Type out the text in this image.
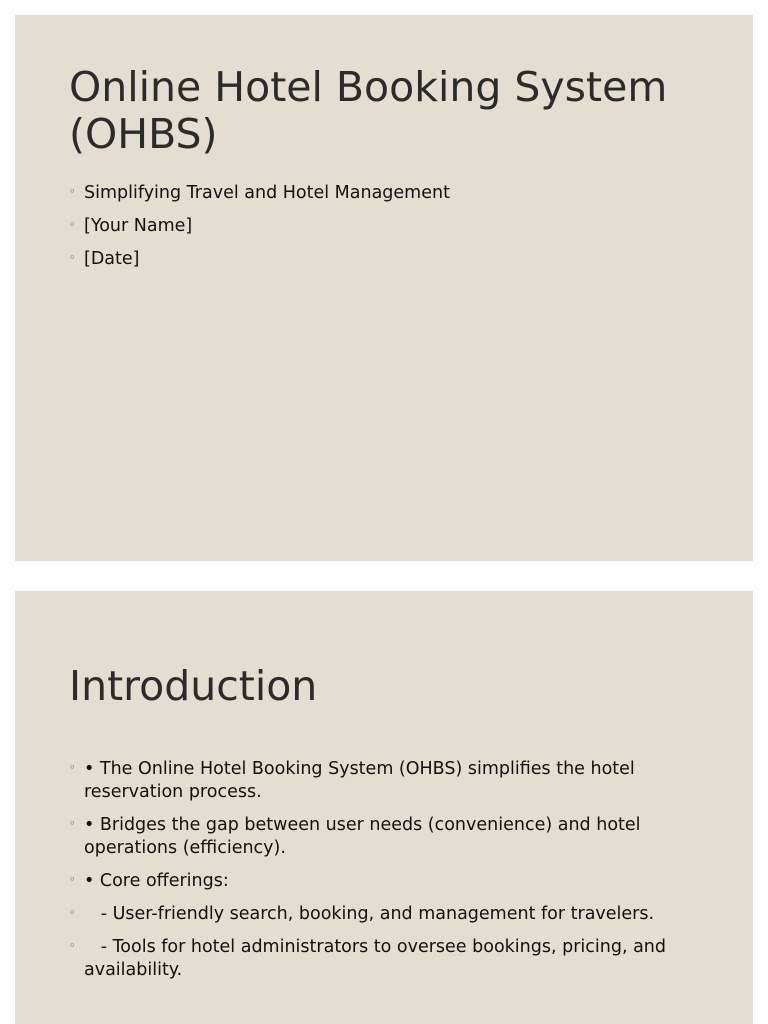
Online Hotel Booking System (OHBS)
◦ Simplifying Travel and Hotel Management
◦ [Your Name]
◦ [Date]
Introduction
◦ • The Online Hotel Booking System (OHBS) simplifies the hotel reservation process.
◦ • Bridges the gap between user needs (convenience) and hotel operations (efficiency).
◦ • Core offerings:
◦ - User-friendly search, booking, and management for travelers.
◦ - Tools for hotel administrators to oversee bookings, pricing, and availability.
